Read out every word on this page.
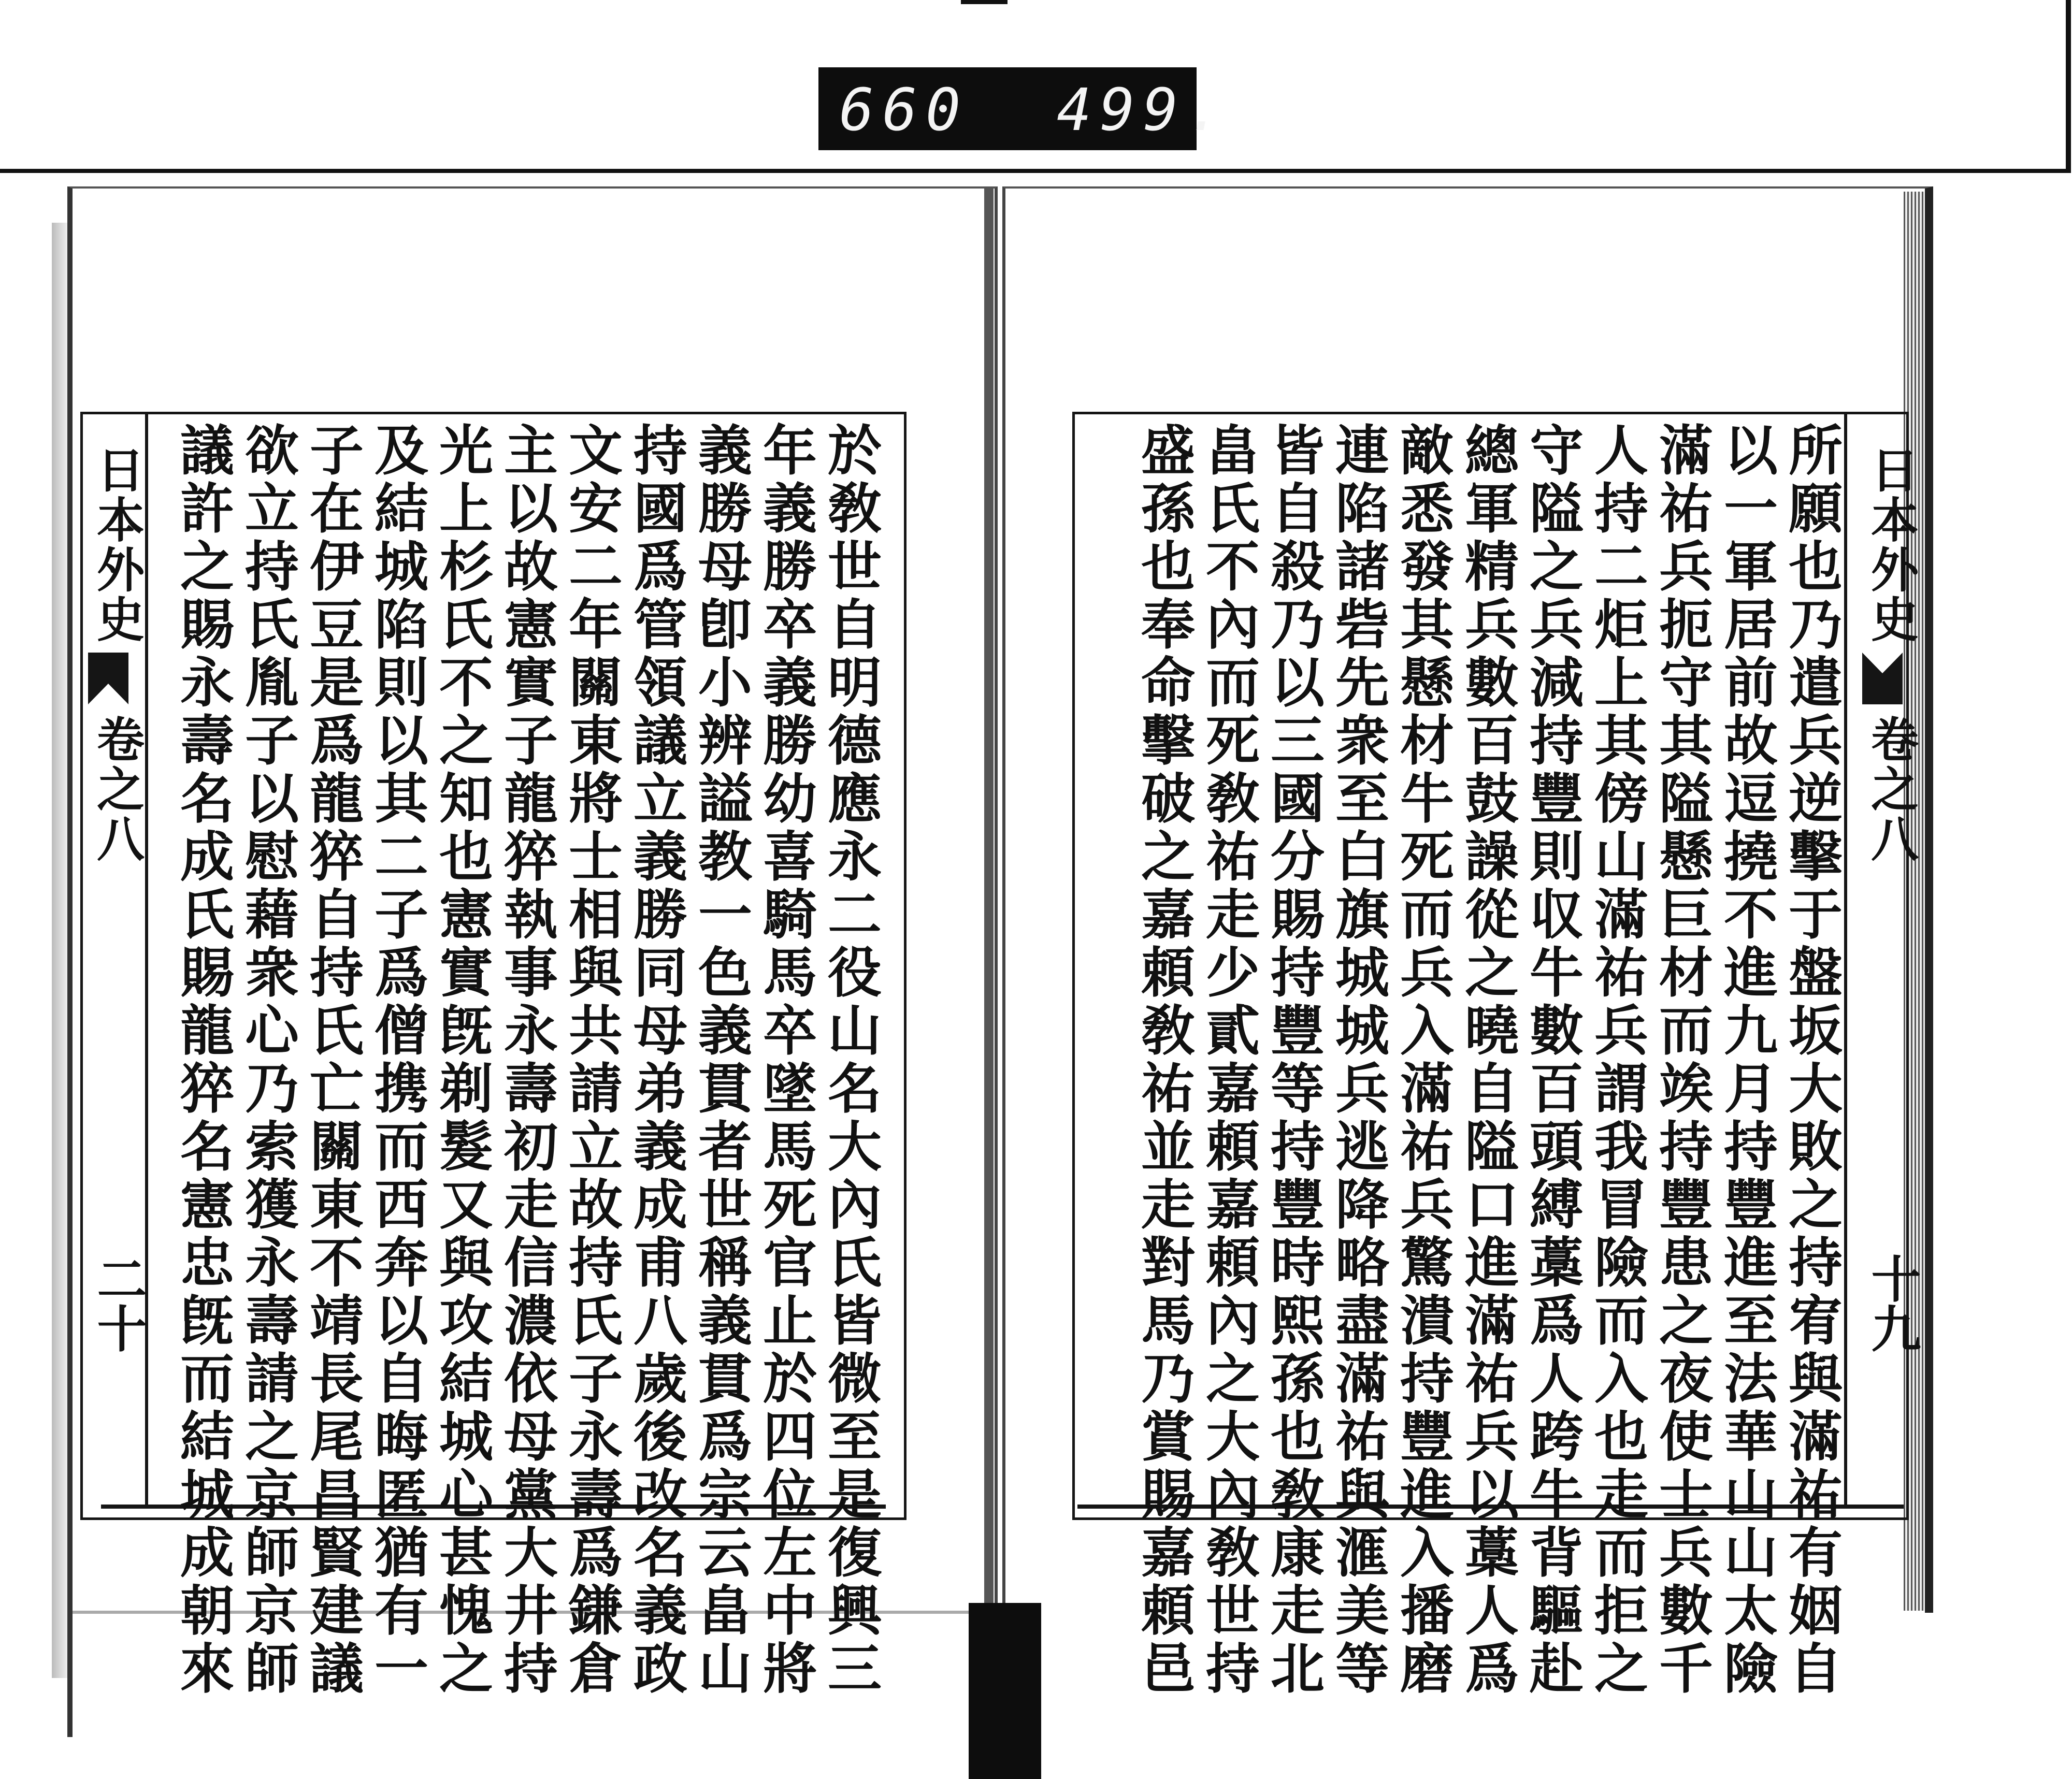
660 499.
日本外史
卷之八
二十	於敎世自明德應永二役山名大內氏皆微至是復興三
年義勝卒義勝幼喜騎馬卒墜馬死官止於四位左中將
義勝母卽小辨謚教一色義貫者世稱義貫爲宗云畠山
持國爲管領議立義勝同母弟義成甫八歲後改名義政
文安二年關東將士相與共請立故持氏子永壽爲鎌倉
主以故憲實子龍猝執事永壽初走信濃依母黨大井持
光上杉氏不之知也憲實旣剃髮又與攻結城心甚愧之
及結城陷則以其二子爲僧携而西奔以自晦匿猶有一
子在伊豆是爲龍猝自持氏亡關東不靖長尾昌賢建議
欲立持氏胤子以慰藉衆心乃索獲永壽請之京師京師
議許之賜永壽名成氏賜龍猝名憲忠旣而結城成朝來	日本外史
卷之八
十九
所願也乃遣兵逆擊于盤坂大敗之持宥與滿祐有姻自
以一軍居前故逗撓不進九月持豐進至法華山山太險
滿祐兵扼守其隘懸巨材而竢持豐患之夜使士兵數千
人持二炬上其傍山滿祐兵謂我冒險而入也走而拒之
守隘之兵減持豐則収牛數百頭縛藁爲人跨牛背驅赴
總軍精兵數百鼓譟從之曉自隘口進滿祐兵以藁人爲
敵悉發其懸材牛死而兵入滿祐兵驚潰持豐進入播磨
連陷諸砦先衆至白旗城城兵逃降略盡滿祐與滙美等
皆自殺乃以三國分賜持豐等持豐時熙孫也敎康走北
畠氏不內而死敎祐走少貳嘉頼嘉頼內之大內敎世持
盛孫也奉命擊破之嘉頼敎祐並走對馬乃賞賜嘉頼邑
